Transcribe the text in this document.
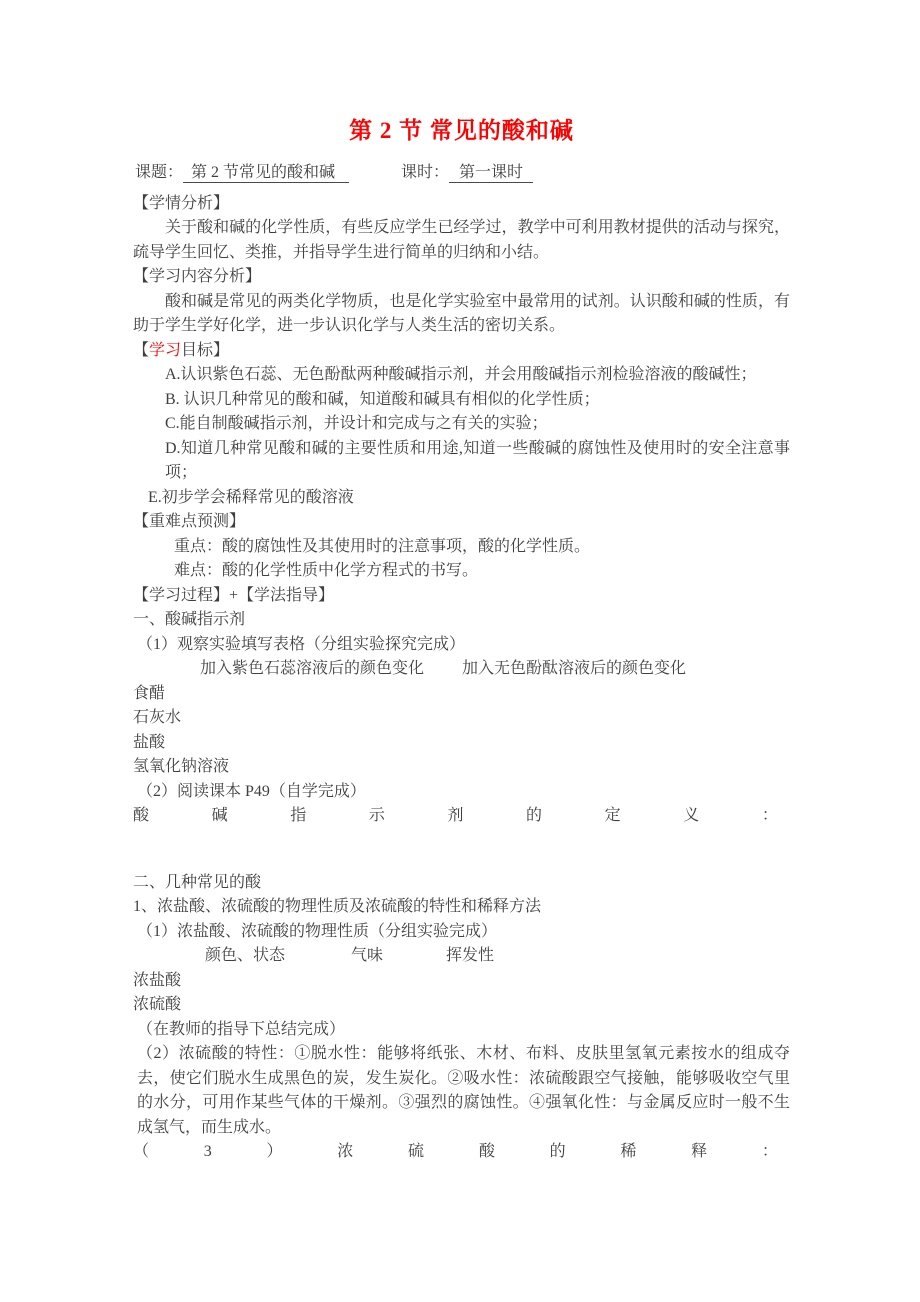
第 2 节 常见的酸和碱

课题： 第 2 节常见的酸和碱	课时： 第一课时

【学情分析】

关于酸和碱的化学性质，有些反应学生已经学过，教学中可利用教材提供的活动与探究，疏导学生回忆、类推，并指导学生进行简单的归纳和小结。

【学习内容分析】

酸和碱是常见的两类化学物质，也是化学实验室中最常用的试剂。认识酸和碱的性质，有助于学生学好化学，进一步认识化学与人类生活的密切关系。

【学习目标】

A.认识紫色石蕊、无色酚酞两种酸碱指示剂，并会用酸碱指示剂检验溶液的酸碱性；

B. 认识几种常见的酸和碱，知道酸和碱具有相似的化学性质；

C.能自制酸碱指示剂，并设计和完成与之有关的实验；

D.知道几种常见酸和碱的主要性质和用途,知道一些酸碱的腐蚀性及使用时的安全注意事项；

E.初步学会稀释常见的酸溶液

【重难点预测】

重点：酸的腐蚀性及其使用时的注意事项，酸的化学性质。

难点：酸的化学性质中化学方程式的书写。

【学习过程】+【学法指导】

一、酸碱指示剂

（1）观察实验填写表格（分组实验探究完成）

加入紫色石蕊溶液后的颜色变化 加入无色酚酞溶液后的颜色变化

食醋

石灰水

盐酸

氢氧化钠溶液

（2）阅读课本 P49（自学完成）

酸	碱	指	示	剂	的	定	义	：

二、几种常见的酸

1、浓盐酸、浓硫酸的物理性质及浓硫酸的特性和稀释方法

（1）浓盐酸、浓硫酸的物理性质（分组实验完成）

颜色、状态	气味	挥发性

浓盐酸

浓硫酸

（在教师的指导下总结完成）

（2）浓硫酸的特性：①脱水性：能够将纸张、木材、布料、皮肤里氢氧元素按水的组成夺去，使它们脱水生成黑色的炭，发生炭化。②吸水性：浓硫酸跟空气接触，能够吸收空气里的水分，可用作某些气体的干燥剂。③强烈的腐蚀性。④强氧化性：与金属反应时一般不生成氢气，而生成水。

（	3	）	浓	硫	酸	的	稀	释	：
